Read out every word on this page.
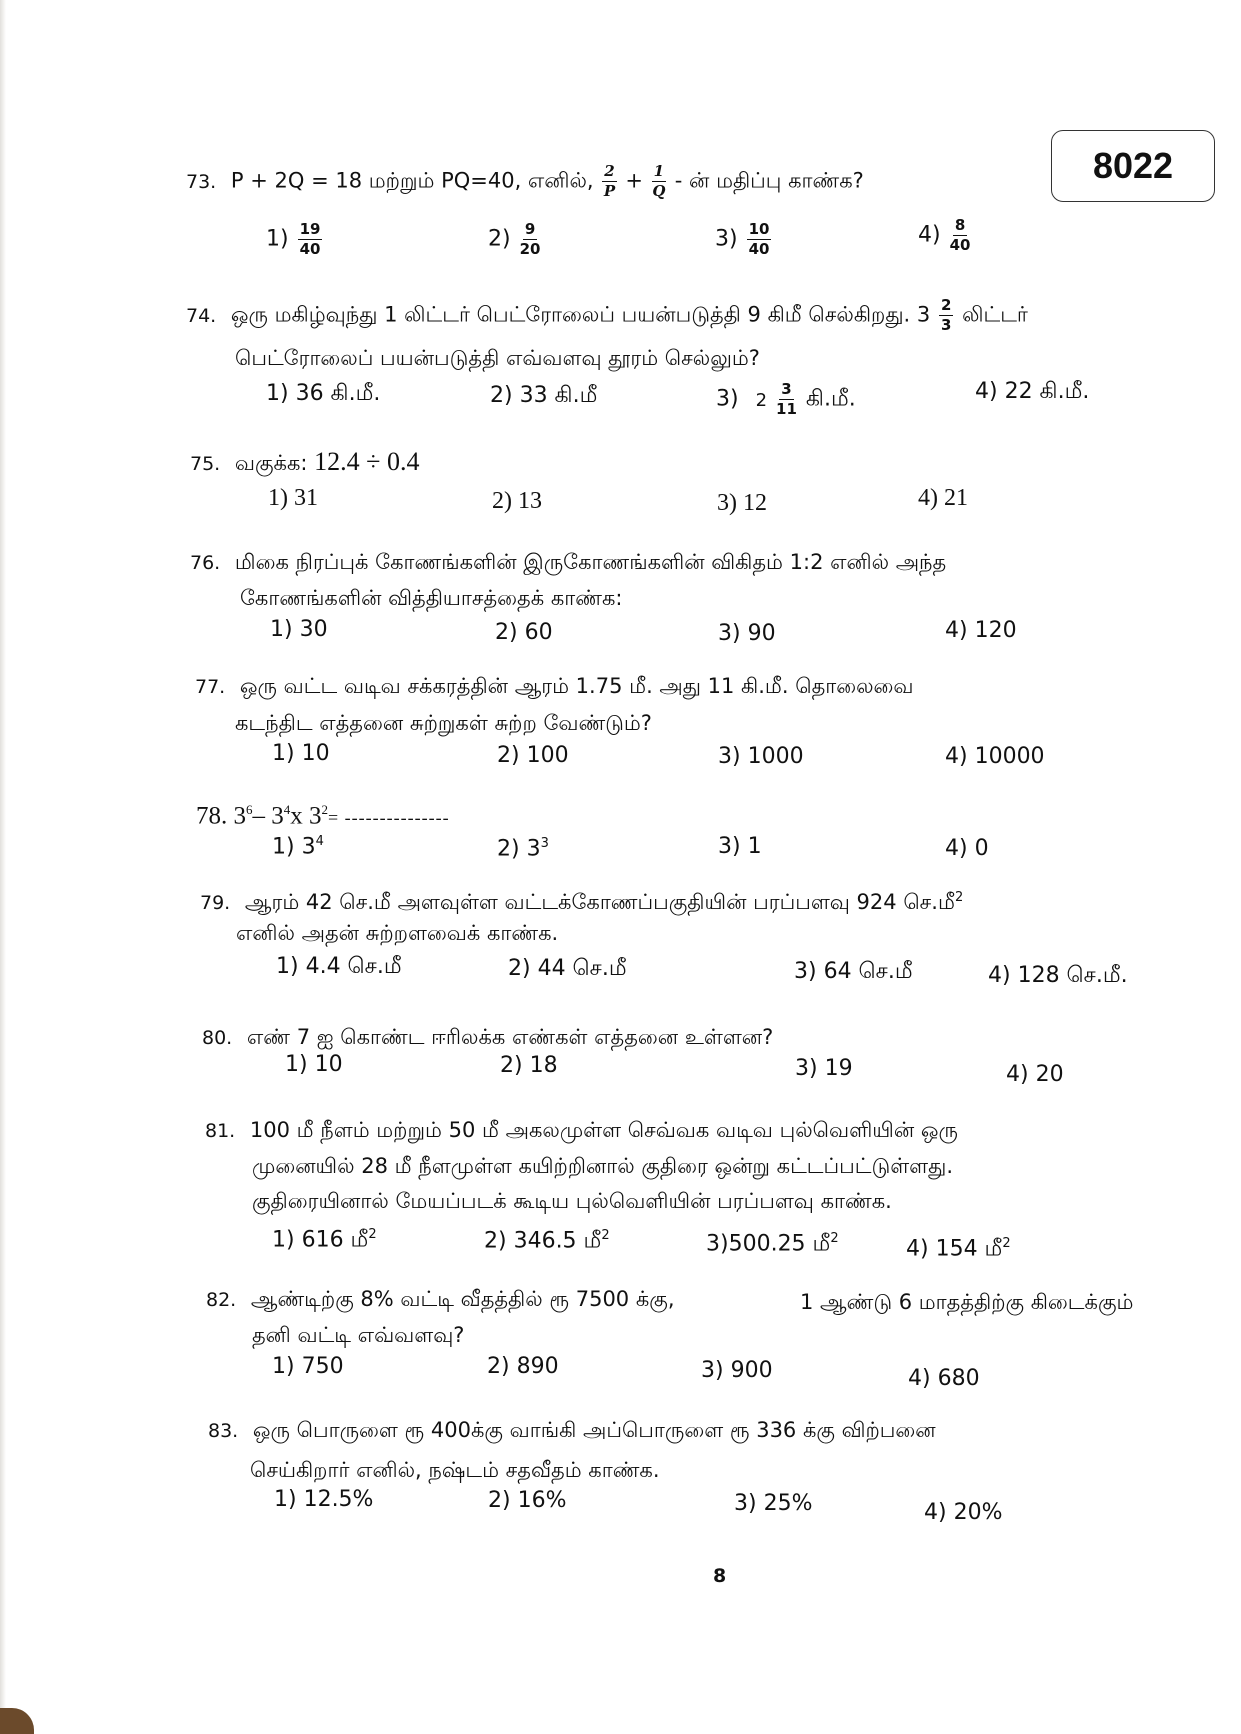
8022
73. P + 2Q = 18 மற்றும் PQ=40, எனில், $\frac{2}{P} + \frac{1}{Q}$ - ன் மதிப்பு காண்க?
$1) \frac{19}{40}$	$2) \frac{9}{20}$	$3) \frac{10}{40}$	$4) \frac{8}{40}$
74. ஒரு மகிழ்வுந்து 1 லிட்டர் பெட்ரோலைப் பயன்படுத்தி 9 கிமீ செல்கிறது. $3 \frac{2}{3}$ லிட்டர்
பெட்ரோலைப் பயன்படுத்தி எவ்வளவு தூரம் செல்லும்?
1) 36 கி.மீ.	2) 33 கி.மீ	3) $2 \frac{3}{11}$ கி.மீ.	4) 22 கி.மீ.
75. வகுக்க: 12.4 ÷ 0.4
1) 31	2) 13	3) 12	4) 21
76. மிகை நிரப்புக் கோணங்களின் இருகோணங்களின் விகிதம் 1:2 எனில் அந்த
கோணங்களின் வித்தியாசத்தைக் காண்க:
1) 30	2) 60	3) 90	4) 120
77. ஒரு வட்ட வடிவ சக்கரத்தின் ஆரம் 1.75 மீ. அது 11 கி.மீ. தொலைவை
கடந்திட எத்தனை சுற்றுகள் சுற்ற வேண்டும்?
1) 10	2) 100	3) 1000	4) 10000
78. $3^6-$ $3^4x$ $3^2=$ ---------------
1) $3^4$	2) $3^3$	3) 1	4) 0
79. ஆரம் 42 செ.மீ அளவுள்ள வட்டக்கோணப்பகுதியின் பரப்பளவு 924 செ.மீ$^2$
எனில் அதன் சுற்றளவைக் காண்க.
1) 4.4 செ.மீ	2) 44 செ.மீ	3) 64 செ.மீ	4) 128 செ.மீ.
80. எண் 7 ஐ கொண்ட ஈரிலக்க எண்கள் எத்தனை உள்ளன?
1) 10	2) 18	3) 19	4) 20
81. 100 மீ நீளம் மற்றும் 50 மீ அகலமுள்ள செவ்வக வடிவ புல்வெளியின் ஒரு
முனையில் 28 மீ நீளமுள்ள கயிற்றினால் குதிரை ஒன்று கட்டப்பட்டுள்ளது.
குதிரையினால் மேயப்படக் கூடிய புல்வெளியின் பரப்பளவு காண்க.
1) 616 மீ$^2$	2) 346.5 மீ$^2$	3)500.25 மீ$^2$	4) 154 மீ$^2$
82. ஆண்டிற்கு 8% வட்டி வீதத்தில் ரூ 7500 க்கு,	1 ஆண்டு 6 மாதத்திற்கு கிடைக்கும்
தனி வட்டி எவ்வளவு?
1) 750	2) 890	3) 900	4) 680
83. ஒரு பொருளை ரூ 400க்கு வாங்கி அப்பொருளை ரூ 336 க்கு விற்பனை
செய்கிறார் எனில், நஷ்டம் சதவீதம் காண்க.
1) 12.5%	2) 16%	3) 25%	4) 20%
8
